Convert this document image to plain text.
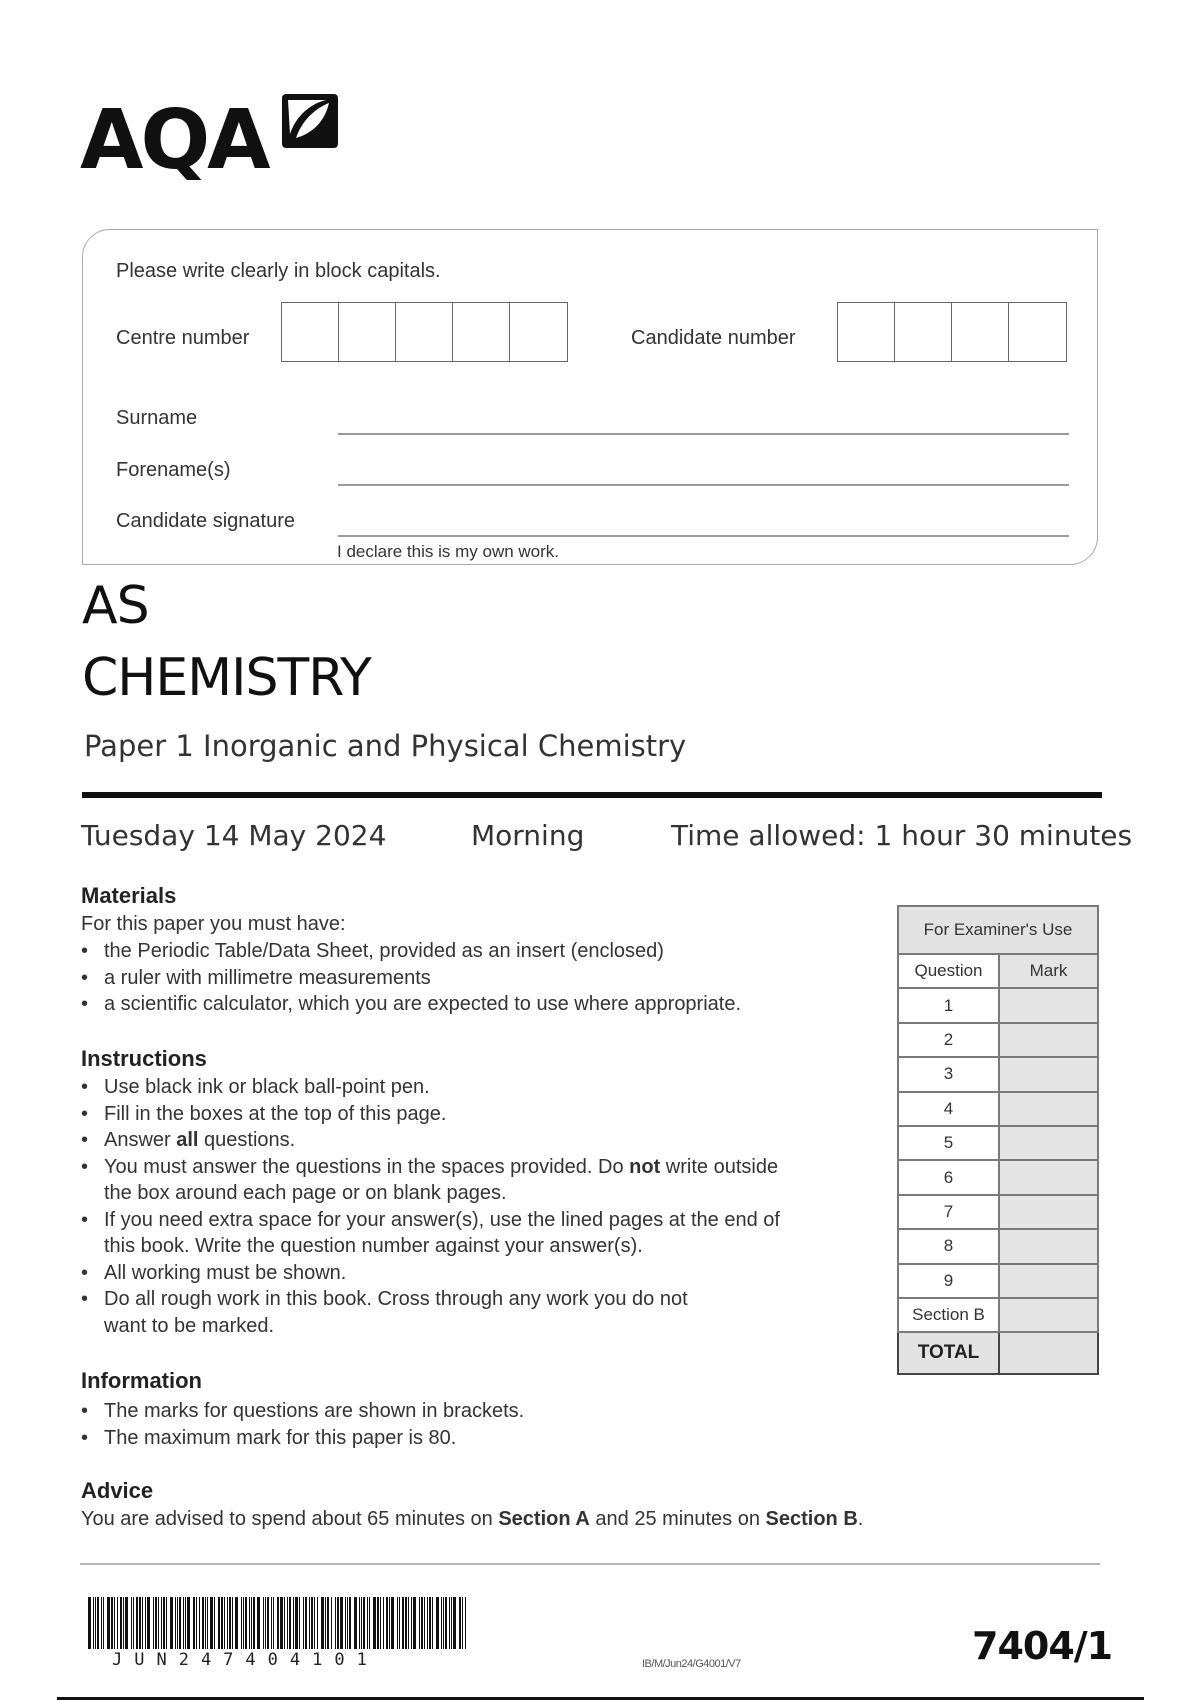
AQA
Please write clearly in block capitals.
Centre number	Candidate number
Surname
Forename(s)
Candidate signature
I declare this is my own work.
AS
CHEMISTRY
Paper 1 Inorganic and Physical Chemistry
Tuesday 14 May 2024	Morning	Time allowed: 1 hour 30 minutes
Materials
For this paper you must have:
• the Periodic Table/Data Sheet, provided as an insert (enclosed)
• a ruler with millimetre measurements
• a scientific calculator, which you are expected to use where appropriate.
Instructions
• Use black ink or black ball-point pen.
• Fill in the boxes at the top of this page.
• Answer all questions.
• You must answer the questions in the spaces provided. Do not write outside
the box around each page or on blank pages.
• If you need extra space for your answer(s), use the lined pages at the end of
this book. Write the question number against your answer(s).
• All working must be shown.
• Do all rough work in this book. Cross through any work you do not
want to be marked.
Information
• The marks for questions are shown in brackets.
• The maximum mark for this paper is 80.
Advice
You are advised to spend about 65 minutes on Section A and 25 minutes on Section B.
For Examiner's Use	
Question	Mark
1	
2	
3	
4	
5	
6	
7	
8	
9	
Section B	
TOTAL	
JUN247404101	IB/M/Jun24/G4001/V7	7404/1
